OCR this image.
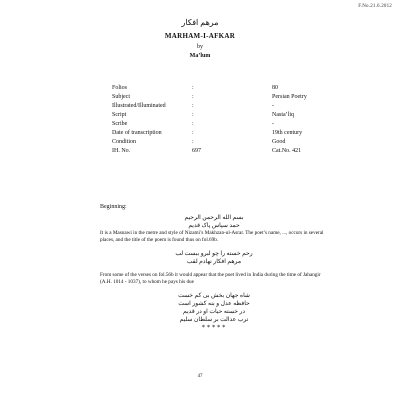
F.No.21.6.2012
مرهم افکار
MARHAM-I-AFKAR
by
Ma’lum
Folios	:	80
Subject	:	Persian Poetry
Illustrated/Illuminated	:	-
Script	:	Nasta’liq
Scribe	:	-
Date of transcription	:	19th century
Condition	:	Good
IH. No.	697	Cat.No. 421
Beginning:
بسم الله الرحمن الرحیم
حمد سپاس پاک قدیم

It is a Masnawi in the metre and style of Nizami’s Makhzan-ul-Asrar. The poet’s name, ..., occurs in several places, and the title of the poem is found thus on fol.69b.

رحم خسته را چو لبرو ببست لب
مرهم افکار نهادم لقب

From some of the verses on fol.56b it would appear that the poet lived in India during the time of Jahangir (A.H. 1014 - 1037), to whom he pays his due

شاه جهان بخش بی کم خست
حافظه عدل و بنه کشور است
در خسته حیات او در قدیم
ترب عدالت بر سلطان سلیم
∗∗∗∗∗
47
